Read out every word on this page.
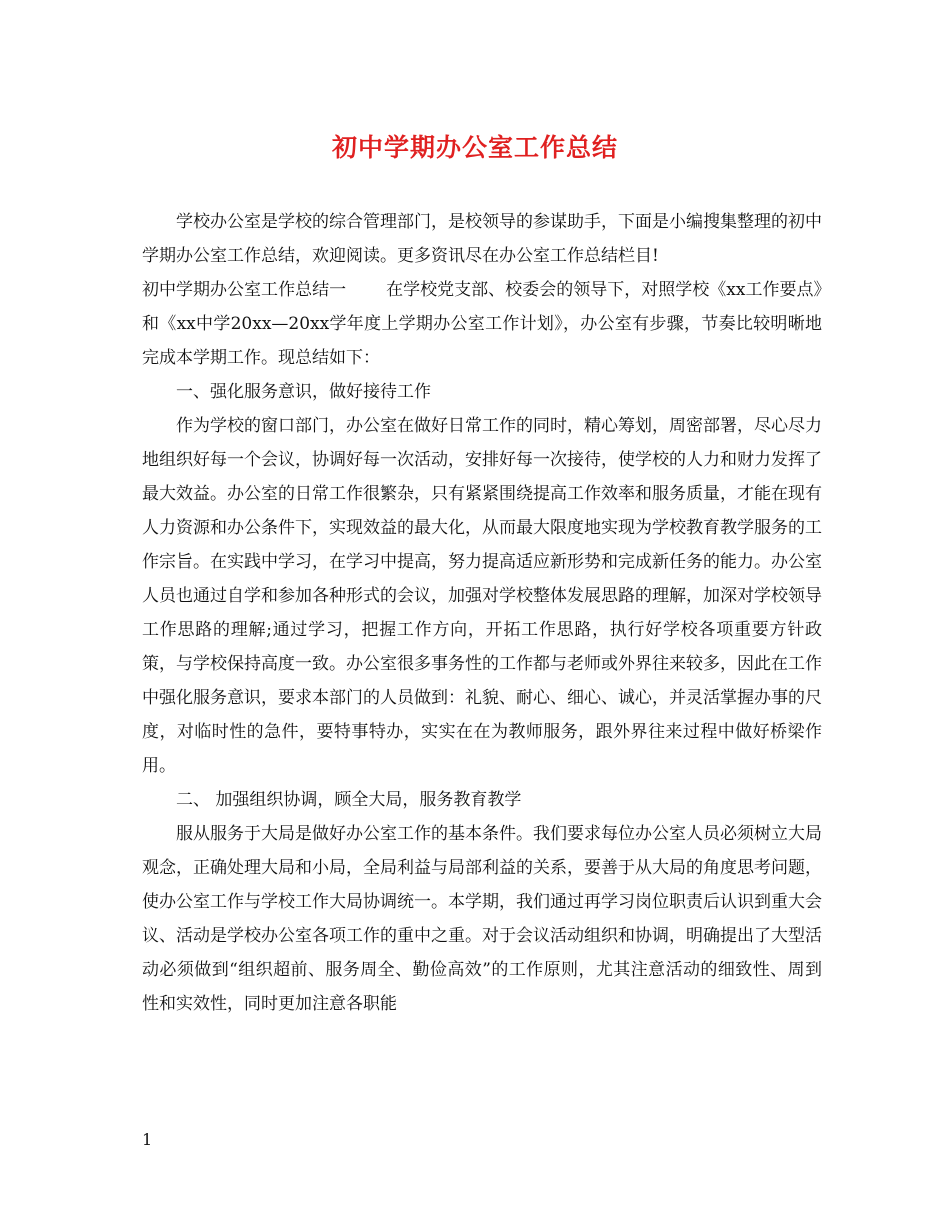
初中学期办公室工作总结

学校办公室是学校的综合管理部门，是校领导的参谋助手，下面是小编搜集整理的初中学期办公室工作总结，欢迎阅读。更多资讯尽在办公室工作总结栏目!

初中学期办公室工作总结一 在学校党支部、校委会的领导下，对照学校《xx工作要点》和《xx中学20xx—20xx学年度上学期办公室工作计划》，办公室有步骤，节奏比较明晰地完成本学期工作。现总结如下：

一、强化服务意识，做好接待工作

作为学校的窗口部门，办公室在做好日常工作的同时，精心筹划，周密部署，尽心尽力地组织好每一个会议，协调好每一次活动，安排好每一次接待，使学校的人力和财力发挥了最大效益。办公室的日常工作很繁杂，只有紧紧围绕提高工作效率和服务质量，才能在现有人力资源和办公条件下，实现效益的最大化，从而最大限度地实现为学校教育教学服务的工作宗旨。在实践中学习，在学习中提高，努力提高适应新形势和完成新任务的能力。办公室人员也通过自学和参加各种形式的会议，加强对学校整体发展思路的理解，加深对学校领导工作思路的理解;通过学习，把握工作方向，开拓工作思路，执行好学校各项重要方针政策，与学校保持高度一致。办公室很多事务性的工作都与老师或外界往来较多，因此在工作中强化服务意识，要求本部门的人员做到：礼貌、耐心、细心、诚心，并灵活掌握办事的尺度，对临时性的急件，要特事特办，实实在在为教师服务，跟外界往来过程中做好桥梁作用。

二、 加强组织协调，顾全大局，服务教育教学

服从服务于大局是做好办公室工作的基本条件。我们要求每位办公室人员必须树立大局观念，正确处理大局和小局，全局利益与局部利益的关系，要善于从大局的角度思考问题，使办公室工作与学校工作大局协调统一。本学期，我们通过再学习岗位职责后认识到重大会议、活动是学校办公室各项工作的重中之重。对于会议活动组织和协调，明确提出了大型活动必须做到“组织超前、服务周全、勤俭高效”的工作原则，尤其注意活动的细致性、周到性和实效性，同时更加注意各职能

1
